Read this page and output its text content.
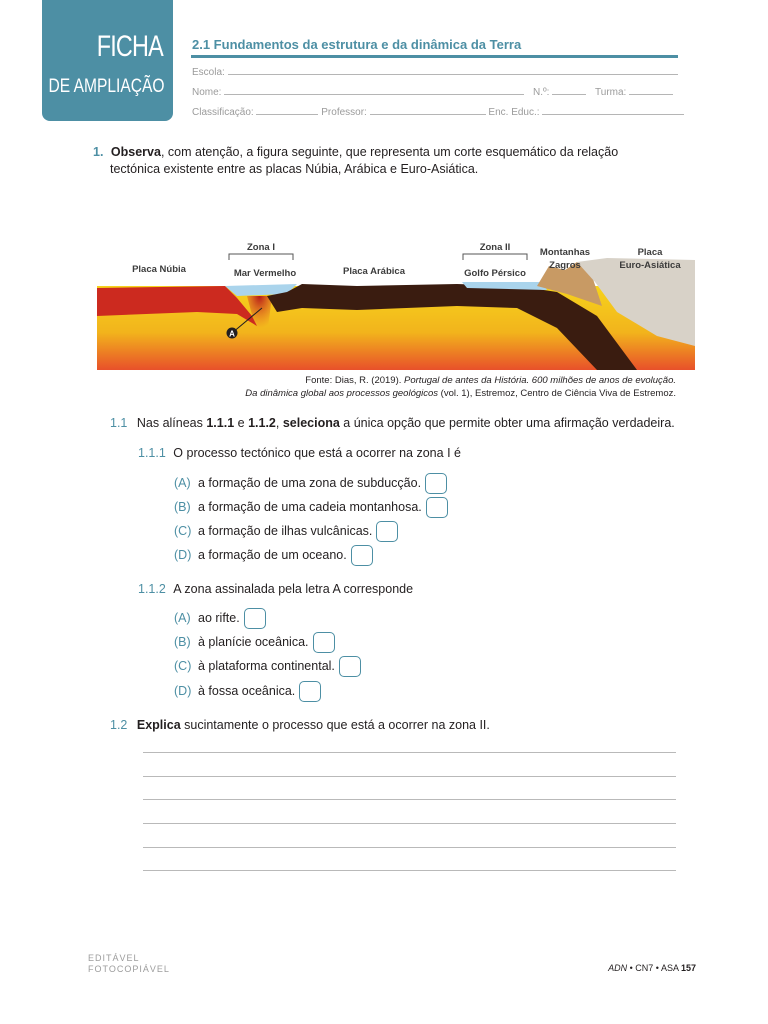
FICHA
DE AMPLIAÇÃO
2.1 Fundamentos da estrutura e da dinâmica da Terra
Escola:
Nome:	N.º:	Turma:
Classificação:	Professor:	Enc. Educ.:
1. Observa, com atenção, a figura seguinte, que representa um corte esquemático da relação
tectónica existente entre as placas Núbia, Arábica e Euro-Asiática.
A
Zona I
Mar Vermelho
Placa Núbia	Placa Arábica
Zona II
Golfo Pérsico
Montanhas
Zagros
Placa
Euro-Asiática
Fonte: Dias, R. (2019). Portugal de antes da História. 600 milhões de anos de evolução.
Da dinâmica global aos processos geológicos (vol. 1), Estremoz, Centro de Ciência Viva de Estremoz.
1.1 Nas alíneas 1.1.1 e 1.1.2, seleciona a única opção que permite obter uma afirmação verdadeira.
1.1.1 O processo tectónico que está a ocorrer na zona I é
(A) a formação de uma zona de subducção.
(B) a formação de uma cadeia montanhosa.
(C) a formação de ilhas vulcânicas.
(D) a formação de um oceano.
1.1.2 A zona assinalada pela letra A corresponde
(A) ao rifte.
(B) à planície oceânica.
(C) à plataforma continental.
(D) à fossa oceânica.
1.2 Explica sucintamente o processo que está a ocorrer na zona II.
EDITÁVEL
FOTOCOPIÁVEL	ADN • CN7 • ASA 157
